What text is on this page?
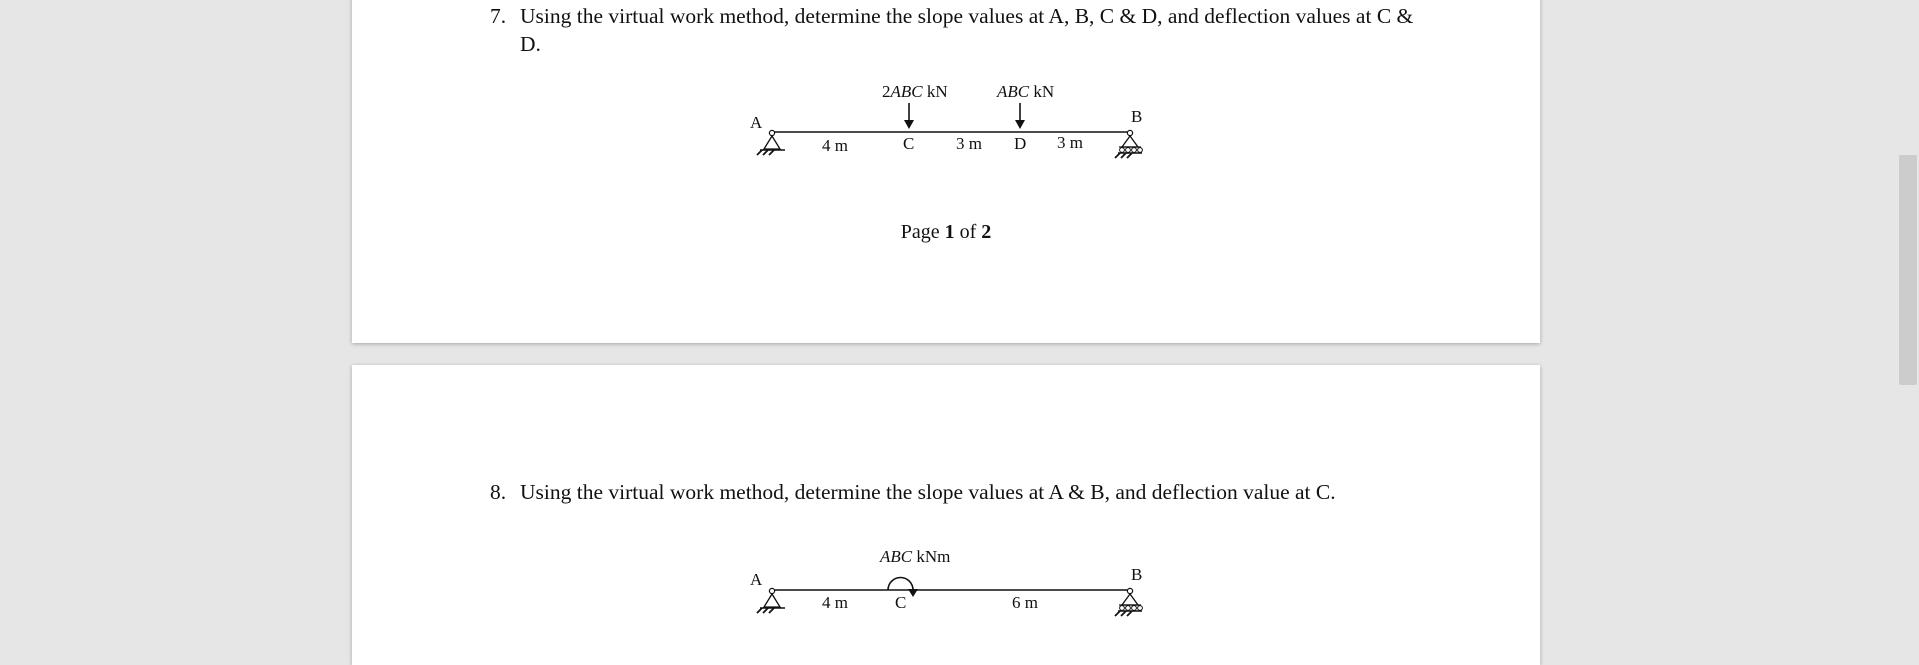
7. Using the virtual work method, determine the slope values at A, B, C & D, and deflection values at C & D.
2ABC kN	ABC kN
A	B
C	D
4 m	3 m	3 m
Page 1 of 2
8. Using the virtual work method, determine the slope values at A & B, and deflection value at C.
ABC kNm
A	B
C
4 m	6 m
